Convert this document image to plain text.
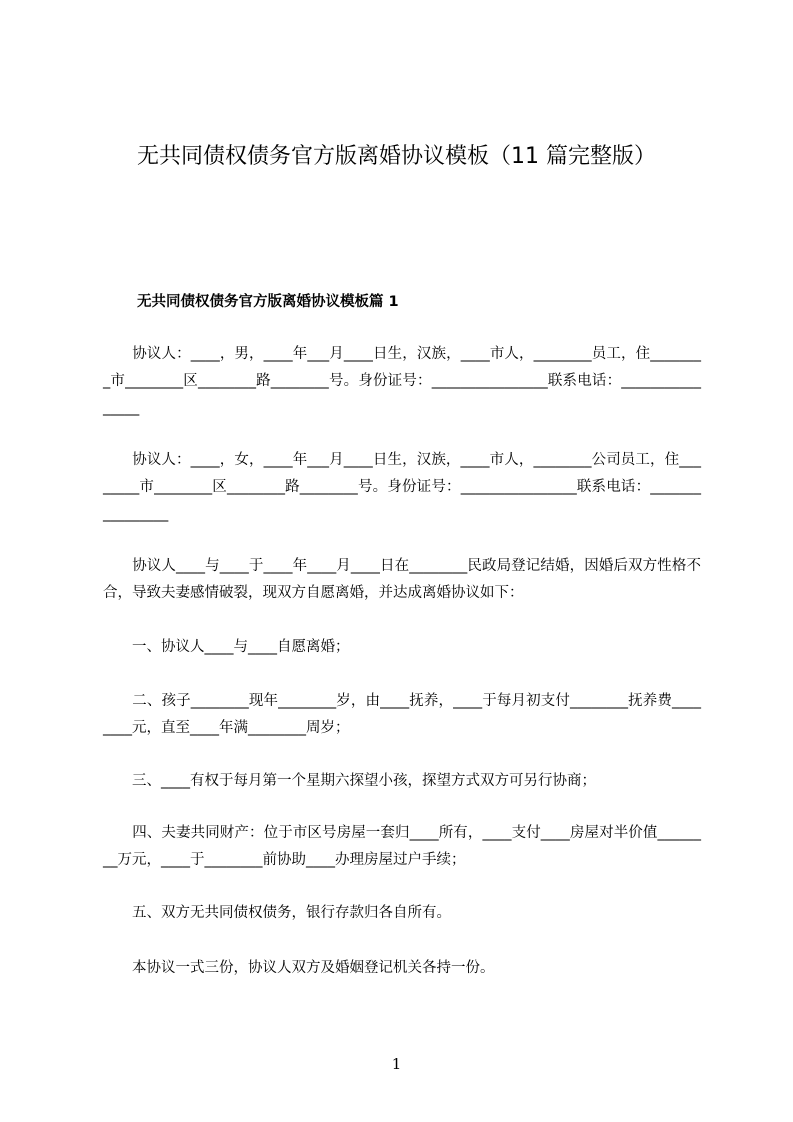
无共同债权债务官方版离婚协议模板（11 篇完整版）
无共同债权债务官方版离婚协议模板篇 1
　　协议人：____，男，____年___月____日生，汉族，____市人，________员工，住________市________区________路________号。身份证号：________________联系电话：________________
　　协议人：____，女，____年___月____日生，汉族，____市人，________公司员工，住________市________区________路________号。身份证号：________________联系电话：________________
　　协议人____与____于____年____月____日在________民政局登记结婚，因婚后双方性格不合，导致夫妻感情破裂，现双方自愿离婚，并达成离婚协议如下：
　　一、协议人____与____自愿离婚；
　　二、孩子________现年________岁，由____抚养，____于每月初支付________抚养费________元，直至____年满________周岁；
　　三、____有权于每月第一个星期六探望小孩，探望方式双方可另行协商；
　　四、夫妻共同财产：位于市区号房屋一套归____所有，____支付____房屋对半价值________万元，____于________前协助____办理房屋过户手续；
　　五、双方无共同债权债务，银行存款归各自所有。
　　本协议一式三份，协议人双方及婚姻登记机关各持一份。
1
